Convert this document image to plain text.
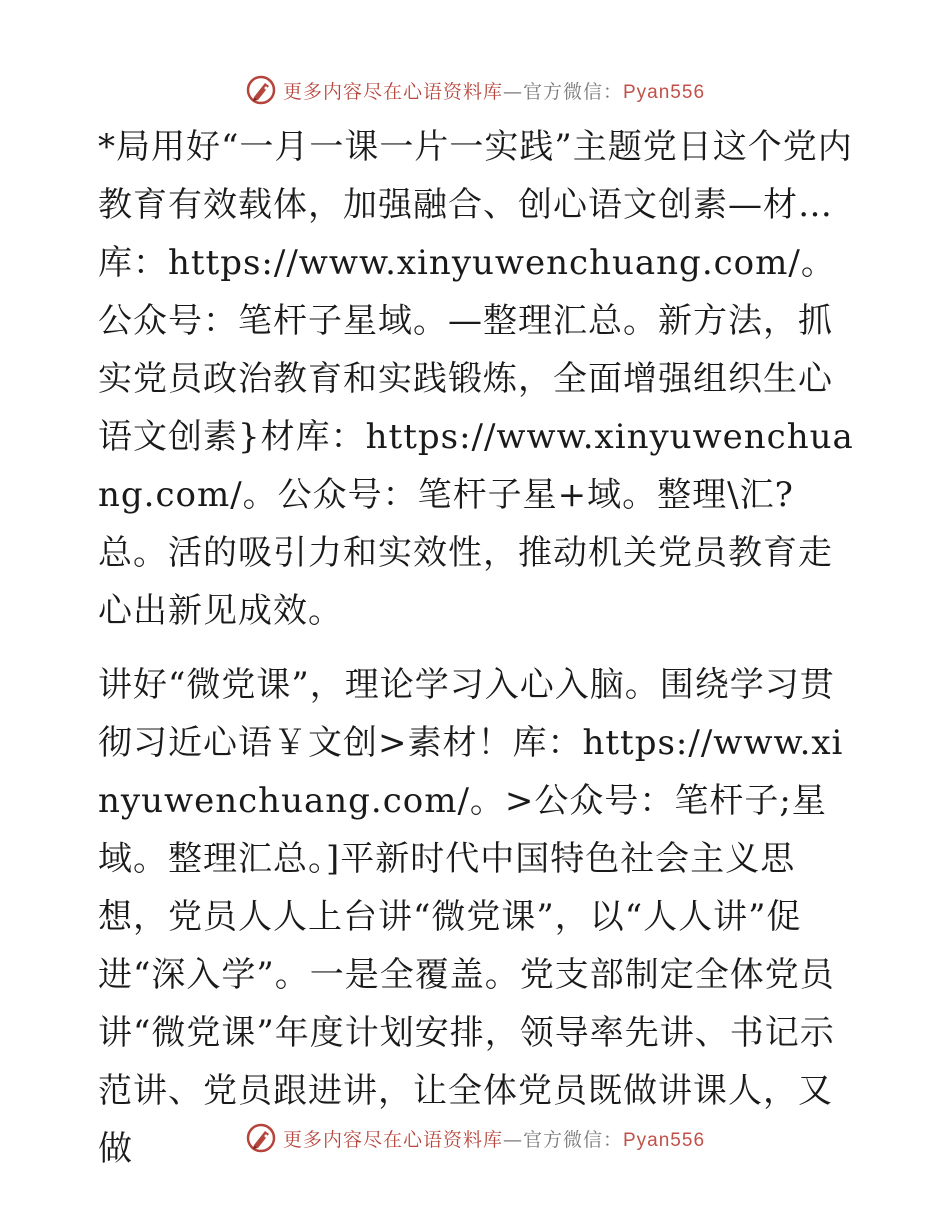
更多内容尽在心语资料库—官方微信：Pyan556

*局用好“一月一课一片一实践”主题党日这个党内教育有效载体，加强融合、创心语文创素—材…库：https://www.xinyuwenchuang.com/。公众号：笔杆子星域。—整理汇总。新方法，抓实党员政治教育和实践锻炼，全面增强组织生心语文创素}材库：https://www.xinyuwenchuang.com/。公众号：笔杆子星+域。整理\汇?总。活的吸引力和实效性，推动机关党员教育走心出新见成效。

讲好“微党课”，理论学习入心入脑。围绕学习贯彻习近心语￥文创>素材！库：https://www.xinyuwenchuang.com/。>公众号：笔杆子;星域。整理汇总。]平新时代中国特色社会主义思想，党员人人上台讲“微党课”，以“人人讲”促进“深入学”。一是全覆盖。党支部制定全体党员讲“微党课”年度计划安排，领导率先讲、书记示范讲、党员跟进讲，让全体党员既做讲课人，又做	更多内容尽在心语资料库—官方微信：Pyan556
